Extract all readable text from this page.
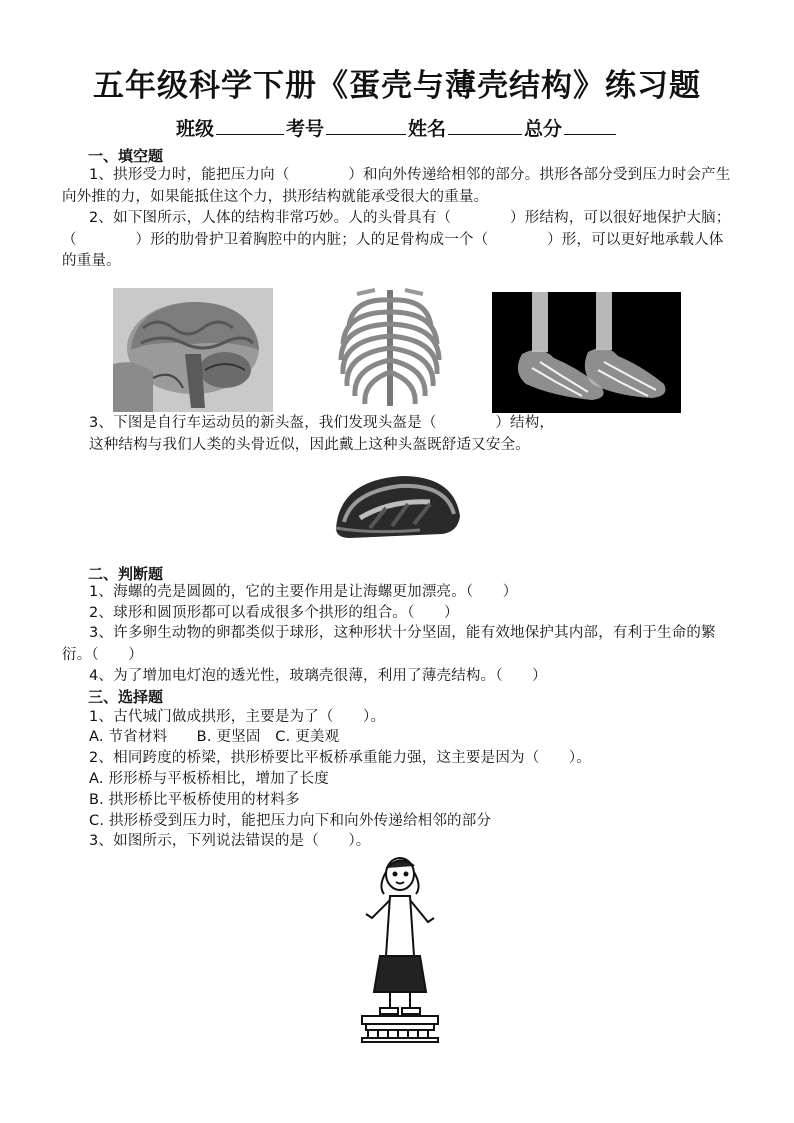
五年级科学下册《蛋壳与薄壳结构》练习题
班级	考号	姓名	总分
一、填空题
1、拱形受力时，能把压力向（　　　　）和向外传递给相邻的部分。拱形各部分受到压力时会产生向外推的力，如果能抵住这个力，拱形结构就能承受很大的重量。
2、如下图所示，人体的结构非常巧妙。人的头骨具有（　　　　）形结构，可以很好地保护大脑；（　　　　）形的肋骨护卫着胸腔中的内脏；人的足骨构成一个（　　　　）形，可以更好地承载人体的重量。
3、下图是自行车运动员的新头盔，我们发现头盔是（　　　　）结构，
这种结构与我们人类的头骨近似，因此戴上这种头盔既舒适又安全。
二、判断题
1、海螺的壳是圆圆的，它的主要作用是让海螺更加漂亮。（　　）
2、球形和圆顶形都可以看成很多个拱形的组合。（　　）
3、许多卵生动物的卵都类似于球形，这种形状十分坚固，能有效地保护其内部，有利于生命的繁衍。（　　）
4、为了增加电灯泡的透光性，玻璃壳很薄，利用了薄壳结构。（　　）
三、选择题
1、古代城门做成拱形，主要是为了（　　）。
A. 节省材料　　B. 更坚固　C. 更美观
2、相同跨度的桥梁，拱形桥要比平板桥承重能力强，这主要是因为（　　）。
A. 形形桥与平板桥相比，增加了长度
B. 拱形桥比平板桥使用的材料多
C. 拱形桥受到压力时，能把压力向下和向外传递给相邻的部分
3、如图所示，下列说法错误的是（　　）。
